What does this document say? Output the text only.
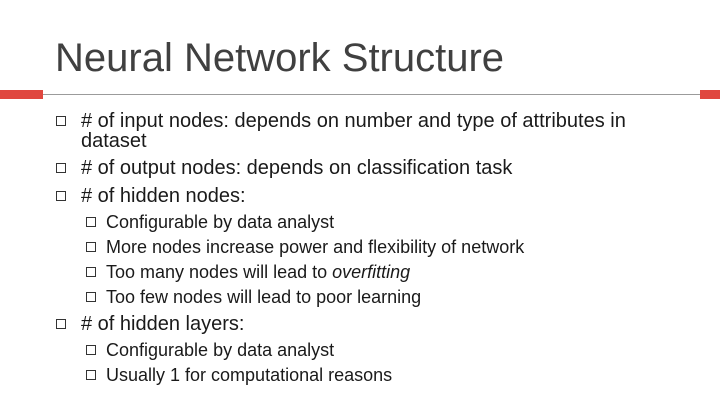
Neural Network Structure
# of input nodes: depends on number and type of attributes in
dataset
# of output nodes: depends on classification task
# of hidden nodes:
Configurable by data analyst
More nodes increase power and flexibility of network
Too many nodes will lead to overfitting
Too few nodes will lead to poor learning
# of hidden layers:
Configurable by data analyst
Usually 1 for computational reasons
